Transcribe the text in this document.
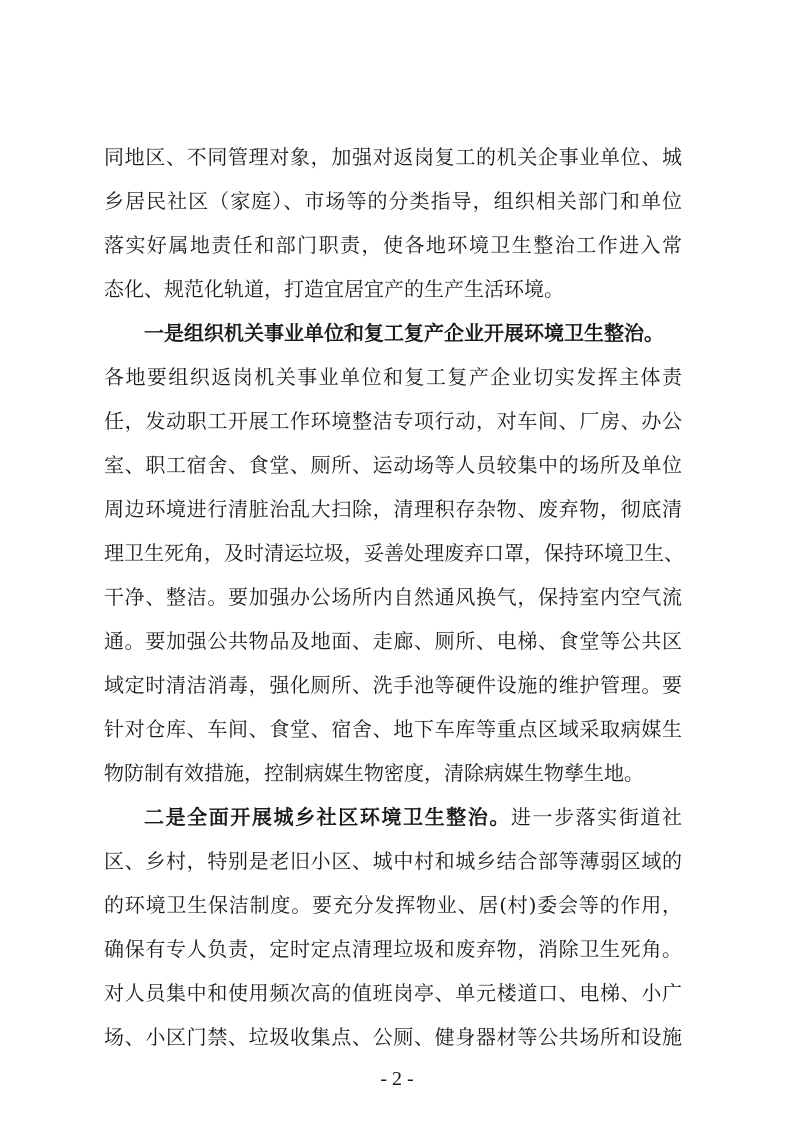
同地区、不同管理对象，加强对返岗复工的机关企事业单位、城
乡居民社区（家庭）、市场等的分类指导，组织相关部门和单位
落实好属地责任和部门职责，使各地环境卫生整治工作进入常
态化、规范化轨道，打造宜居宜产的生产生活环境。
一是组织机关事业单位和复工复产企业开展环境卫生整治。
各地要组织返岗机关事业单位和复工复产企业切实发挥主体责
任，发动职工开展工作环境整洁专项行动，对车间、厂房、办公
室、职工宿舍、食堂、厕所、运动场等人员较集中的场所及单位
周边环境进行清脏治乱大扫除，清理积存杂物、废弃物，彻底清
理卫生死角，及时清运垃圾，妥善处理废弃口罩，保持环境卫生、
干净、整洁。要加强办公场所内自然通风换气，保持室内空气流
通。要加强公共物品及地面、走廊、厕所、电梯、食堂等公共区
域定时清洁消毒，强化厕所、洗手池等硬件设施的维护管理。要
针对仓库、车间、食堂、宿舍、地下车库等重点区域采取病媒生
物防制有效措施，控制病媒生物密度，清除病媒生物孳生地。
二是全面开展城乡社区环境卫生整治。进一步落实街道社
区、乡村，特别是老旧小区、城中村和城乡结合部等薄弱区域的
的环境卫生保洁制度。要充分发挥物业、居(村)委会等的作用，
确保有专人负责，定时定点清理垃圾和废弃物，消除卫生死角。
对人员集中和使用频次高的值班岗亭、单元楼道口、电梯、小广
场、小区门禁、垃圾收集点、公厕、健身器材等公共场所和设施
- 2 -
